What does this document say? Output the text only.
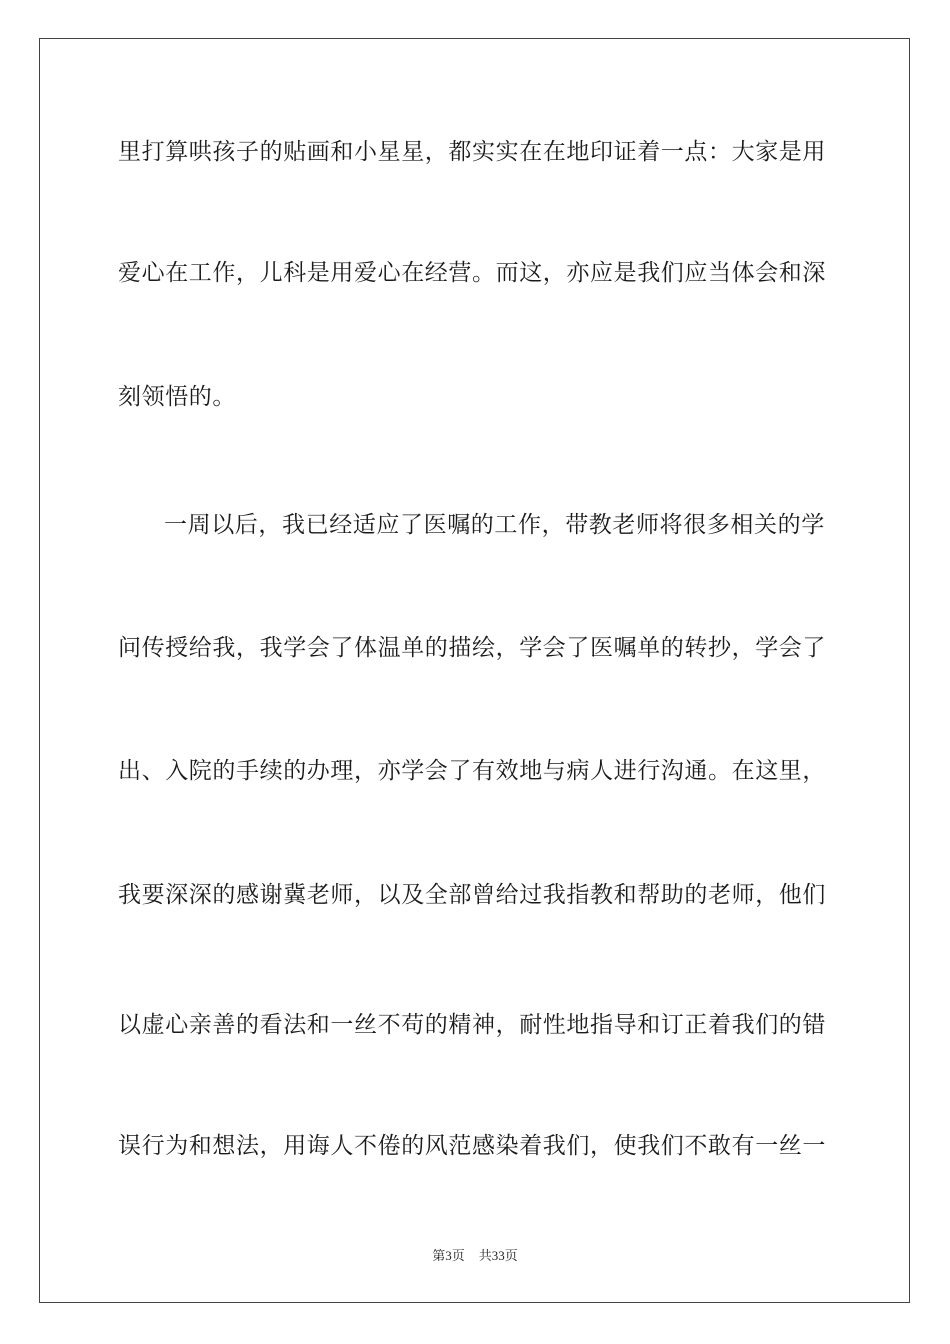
里打算哄孩子的贴画和小星星，都实实在在地印证着一点：大家是用
爱心在工作，儿科是用爱心在经营。而这，亦应是我们应当体会和深
刻领悟的。
一周以后，我已经适应了医嘱的工作，带教老师将很多相关的学
问传授给我，我学会了体温单的描绘，学会了医嘱单的转抄，学会了
出、入院的手续的办理，亦学会了有效地与病人进行沟通。在这里，
我要深深的感谢冀老师，以及全部曾给过我指教和帮助的老师，他们
以虚心亲善的看法和一丝不苟的精神，耐性地指导和订正着我们的错
误行为和想法，用诲人不倦的风范感染着我们，使我们不敢有一丝一
第3页 共33页
